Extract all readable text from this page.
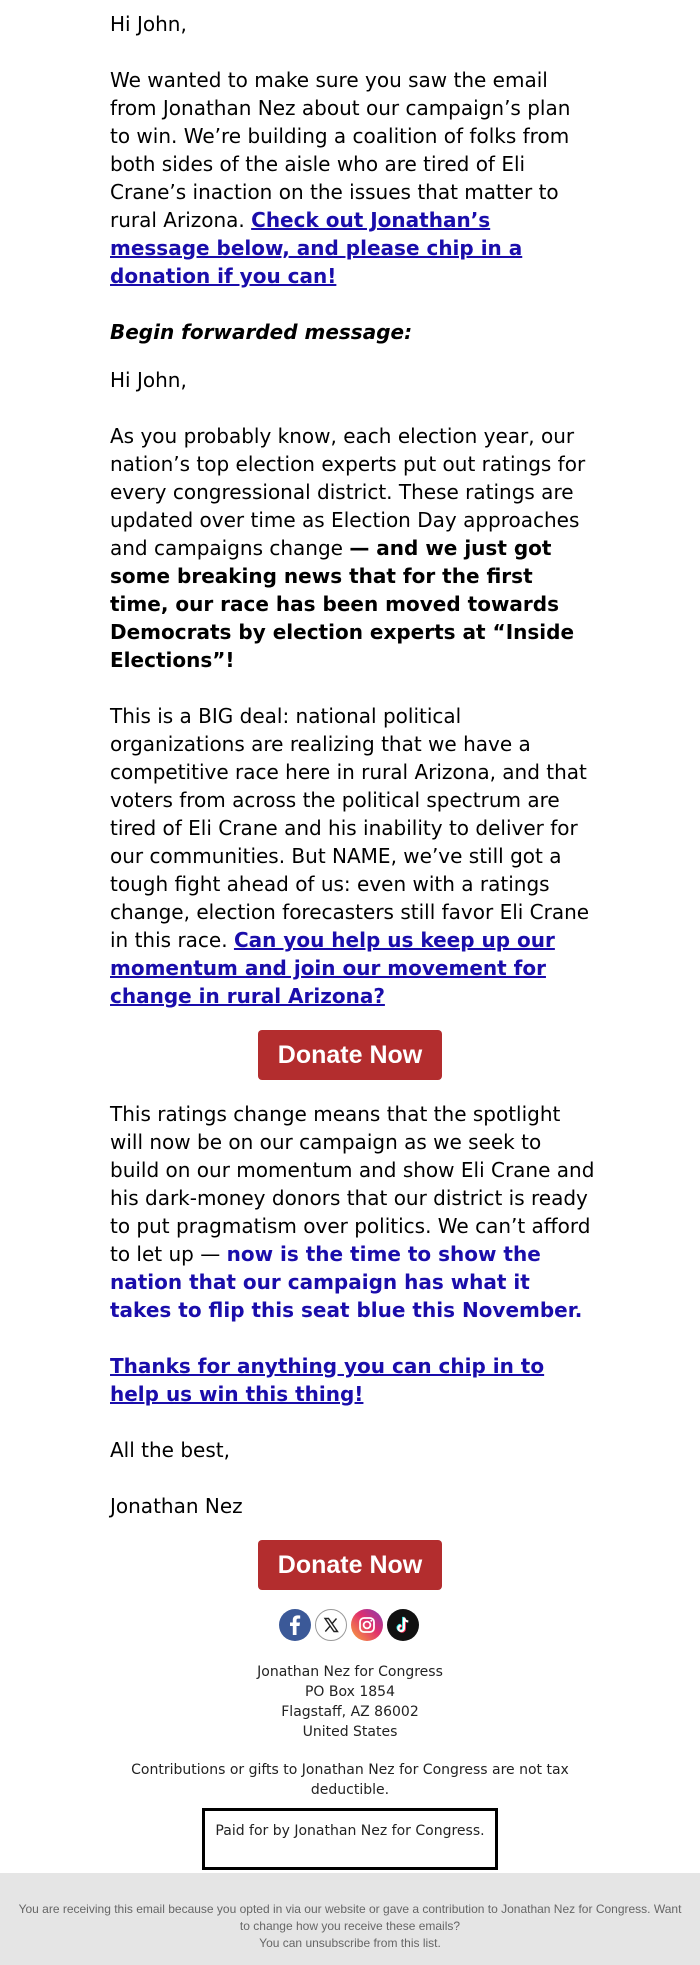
Hi John,

We wanted to make sure you saw the email from Jonathan Nez about our campaign’s plan to win. We’re building a coalition of folks from both sides of the aisle who are tired of Eli Crane’s inaction on the issues that matter to rural Arizona. Check out Jonathan’s message below, and please chip in a donation if you can!

Begin forwarded message:

Hi John,

As you probably know, each election year, our nation’s top election experts put out ratings for every congressional district. These ratings are updated over time as Election Day approaches and campaigns change — and we just got some breaking news that for the first time, our race has been moved towards Democrats by election experts at “Inside Elections”!

This is a BIG deal: national political organizations are realizing that we have a competitive race here in rural Arizona, and that voters from across the political spectrum are tired of Eli Crane and his inability to deliver for our communities. But NAME, we’ve still got a tough fight ahead of us: even with a ratings change, election forecasters still favor Eli Crane in this race. Can you help us keep up our momentum and join our movement for change in rural Arizona?

This ratings change means that the spotlight will now be on our campaign as we seek to build on our momentum and show Eli Crane and his dark-money donors that our district is ready to put pragmatism over politics. We can’t afford to let up — now is the time to show the nation that our campaign has what it takes to flip this seat blue this November.

Thanks for anything you can chip in to help us win this thing!

All the best,

Jonathan Nez

Donate Now
Donate Now
Jonathan Nez for Congress
PO Box 1854
Flagstaff, AZ 86002
United States
Contributions or gifts to Jonathan Nez for Congress are not tax deductible.
Paid for by Jonathan Nez for Congress.
You are receiving this email because you opted in via our website or gave a contribution to Jonathan Nez for Congress. Want to change how you receive these emails?
You can unsubscribe from this list.
